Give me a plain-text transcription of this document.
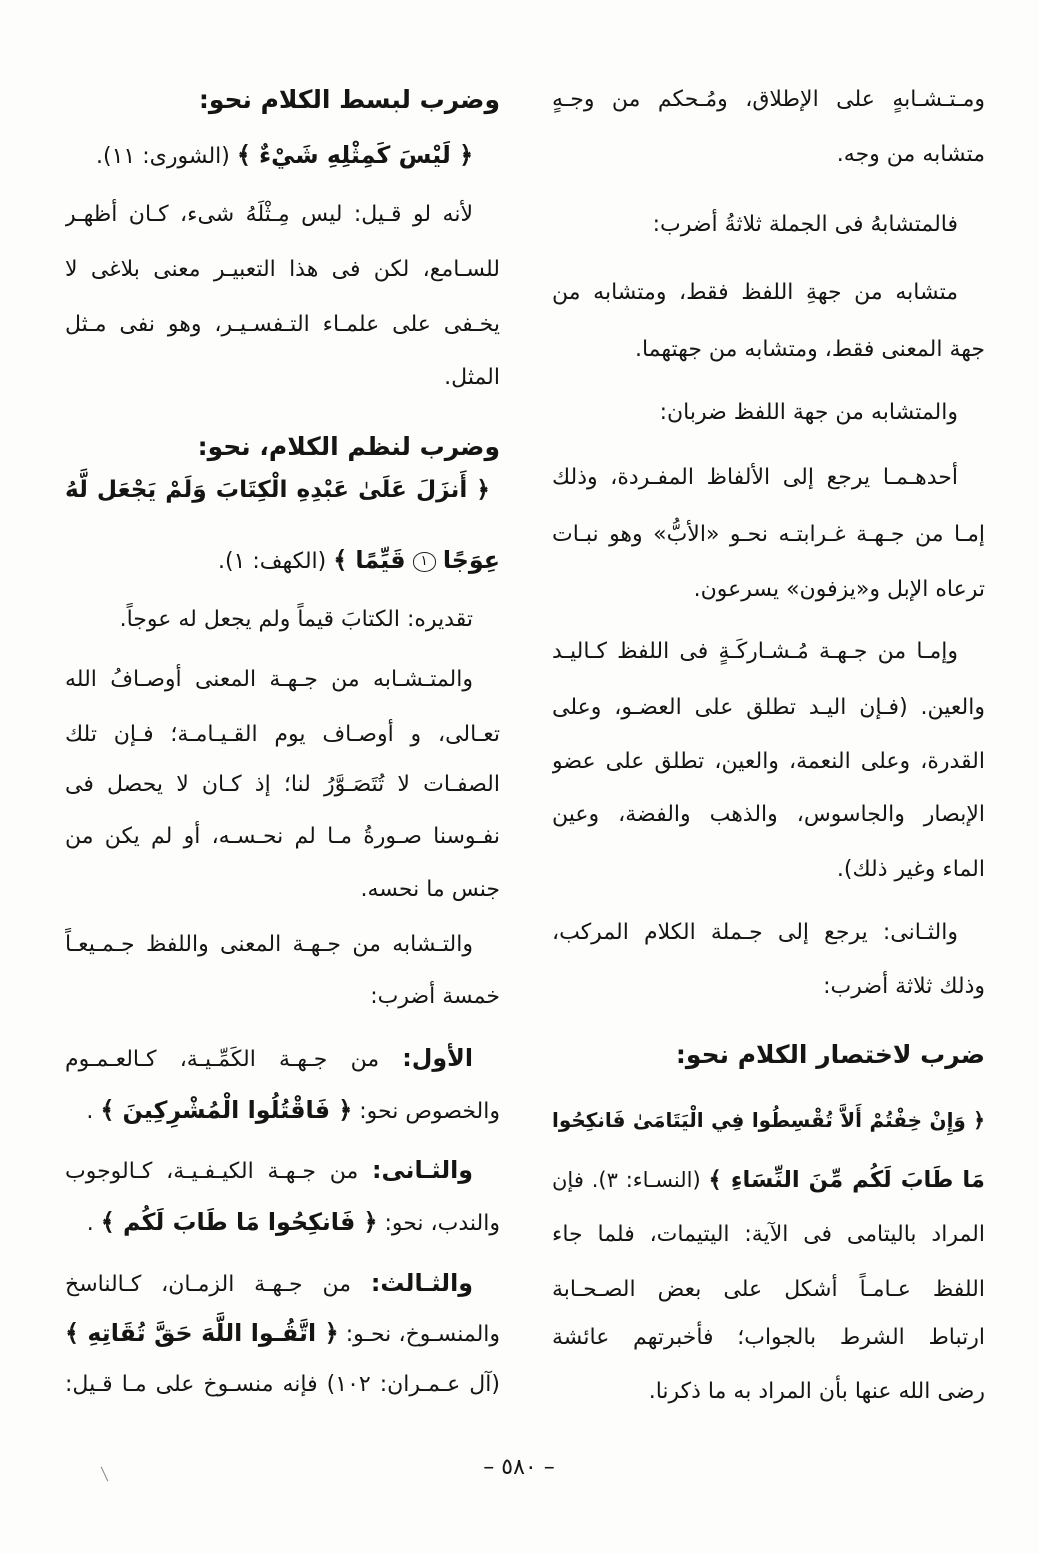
ومـتـشـابهٍ على الإطلاق، ومُـحكم من وجـهٍ
متشابه من وجه.
فالمتشابهُ فى الجملة ثلاثةُ أضرب:
متشابه من جهةِ اللفظ فقط، ومتشابه من
جهة المعنى فقط، ومتشابه من جهتهما.
والمتشابه من جهة اللفظ ضربان:
أحدهـمـا يرجع إلى الألفاظ المفـردة، وذلك
إمـا من جـهـة غـرابتـه نحـو «الأبُّ» وهو نبـات
ترعاه الإبل و«يزفون» يسرعون.
وإمـا من جـهـة مُـشـاركَـةٍ فى اللفظ كـاليـد
والعين. (فـإن اليـد تطلق على العضـو، وعلى
القدرة، وعلى النعمة، والعين، تطلق على عضو
الإبصار والجاسوس، والذهب والفضة، وعين
الماء وغير ذلك).
والثـانى: يرجع إلى جـملة الكلام المركب،
وذلك ثلاثة أضرب:
ضرب لاختصار الكلام نحو:
﴿ وَإِنْ خِفْتُمْ أَلاَّ تُقْسِطُوا فِي الْيَتَامَىٰ فَانكِحُوا
مَا طَابَ لَكُم مِّنَ النِّسَاءِ ﴾ (النسـاء: ٣). فإن
المراد باليتامى فى الآية: اليتيمات، فلما جاء
اللفظ عـامـاً أشكل على بعض الصـحـابة
ارتباط الشرط بالجواب؛ فأخبرتهم عائشة
رضى الله عنها بأن المراد به ما ذكرنا.
وضرب لبسط الكلام نحو:
﴿ لَيْسَ كَمِثْلِهِ شَيْءٌ ﴾ (الشورى: ١١).
لأنه لو قـيل: ليس مِـثْلَهُ شىء، كـان أظهـر
للسـامع، لكن فى هذا التعبيـر معنى بلاغى لا
يخـفى على علمـاء التـفسـيـر، وهو نفى مـثل
المثل.
وضرب لنظم الكلام، نحو:
﴿ أَنزَلَ عَلَىٰ عَبْدِهِ الْكِتَابَ وَلَمْ يَجْعَل لَّهُ
عِوَجًا ١ قَيِّمًا ﴾ (الكهف: ١).
تقديره: الكتابَ قيماً ولم يجعل له عوجاً.
والمتـشـابه من جـهـة المعنى أوصـافُ الله
تعـالى، و أوصـاف يوم القـيـامـة؛ فـإن تلك
الصفـات لا تُتَصَـوَّرُ لنا؛ إذ كـان لا يحصل فى
نفـوسنا صـورةُ مـا لم نحـسـه، أو لم يكن من
جنس ما نحسه.
والتـشابه من جـهـة المعنى واللفظ جـمـيعـاً
خمسة أضرب:
الأول: من جـهـة الكَمِّـيـة، كـالعـمـوم
والخصوص نحو: ﴿ فَاقْتُلُوا الْمُشْرِكِينَ ﴾ .
والثـانى: من جـهـة الكيـفـيـة، كـالوجوب
والندب، نحو: ﴿ فَانكِحُوا مَا طَابَ لَكُم ﴾ .
والثـالث: من جـهـة الزمـان، كـالناسخ
والمنسـوخ، نحـو: ﴿ اتَّقُـوا اللَّهَ حَقَّ تُقَاتِهِ ﴾
(آل عـمـران: ١٠٢) فإنه منسـوخ على مـا قـيل:
– ٥٨٠ –
